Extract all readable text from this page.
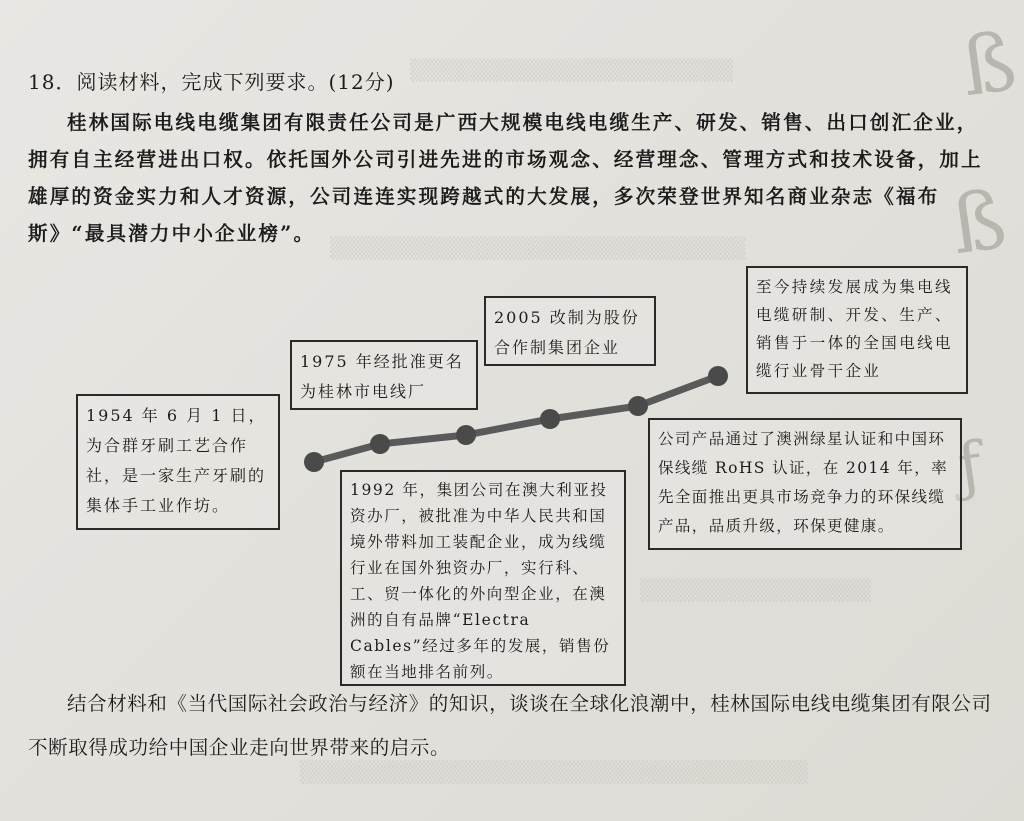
▒▒▒▒▒▒▒▒▒▒▒▒▒▒▒▒▒▒▒▒▒
▒▒▒▒▒▒▒▒▒▒▒▒▒▒▒▒▒▒▒▒▒▒▒▒▒▒▒
▒▒▒▒▒▒▒▒▒▒▒▒▒▒▒
▒▒▒▒▒▒▒▒▒▒▒▒▒▒▒▒▒▒▒▒▒▒▒▒▒▒▒▒▒▒▒▒▒
ß
ß
ƒ
18．阅读材料，完成下列要求。(12分)

桂林国际电线电缆集团有限责任公司是广西大规模电线电缆生产、研发、销售、出口创汇企业，拥有自主经营进出口权。依托国外公司引进先进的市场观念、经营理念、管理方式和技术设备，加上雄厚的资金实力和人才资源，公司连连实现跨越式的大发展，多次荣登世界知名商业杂志《福布斯》“最具潜力中小企业榜”。

1954 年 6 月 1 日，为合群牙刷工艺合作社，是一家生产牙刷的集体手工业作坊。
1975 年经批准更名为桂林市电线厂
1992 年，集团公司在澳大利亚投资办厂，被批准为中华人民共和国境外带料加工装配企业，成为线缆行业在国外独资办厂，实行科、工、贸一体化的外向型企业，在澳洲的自有品牌“Electra Cables”经过多年的发展，销售份额在当地排名前列。
2005 改制为股份合作制集团企业
公司产品通过了澳洲绿星认证和中国环保线缆 RoHS 认证，在 2014 年，率先全面推出更具市场竞争力的环保线缆产品，品质升级，环保更健康。
至今持续发展成为集电线电缆研制、开发、生产、销售于一体的全国电线电缆行业骨干企业

结合材料和《当代国际社会政治与经济》的知识，谈谈在全球化浪潮中，桂林国际电线电缆集团有限公司不断取得成功给中国企业走向世界带来的启示。
